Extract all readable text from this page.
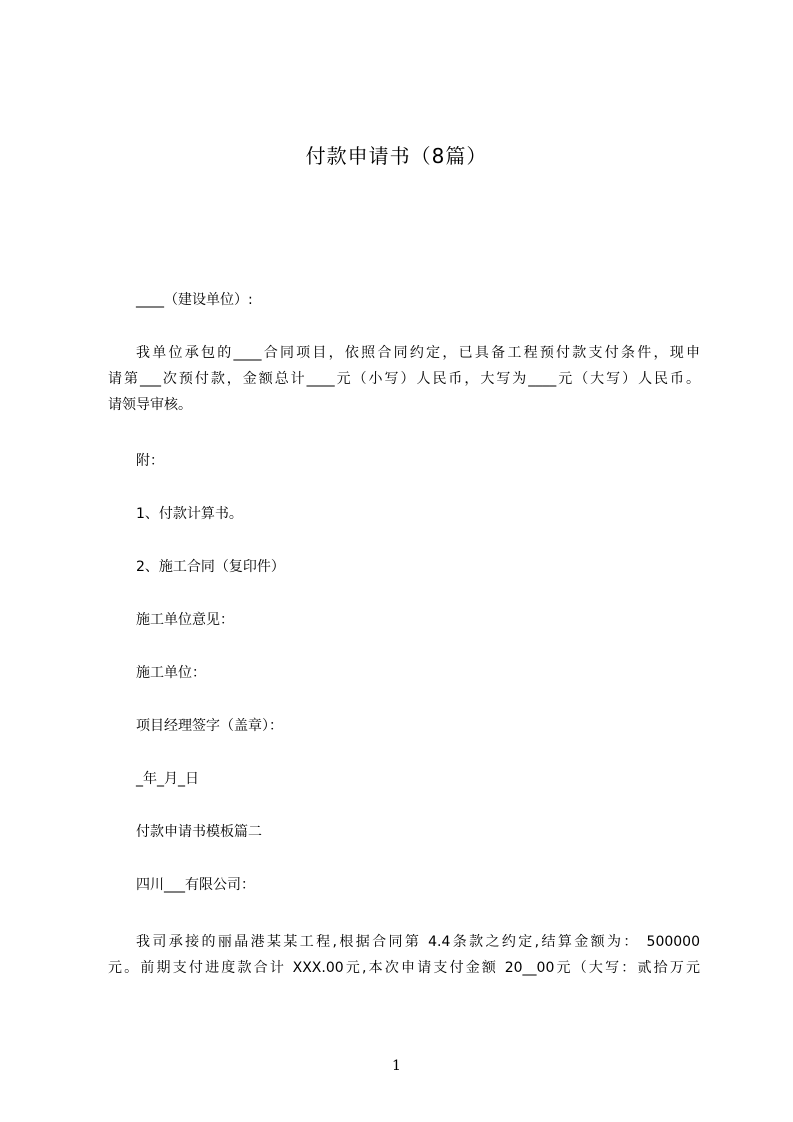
付款申请书（8篇）
____（建设单位）:
我单位承包的____合同项目，依照合同约定，已具备工程预付款支付条件，现申
请第___次预付款，金额总计____元（小写）人民币，大写为____元（大写）人民币。
请领导审核。
附：
1、付款计算书。
2、施工合同（复印件）
施工单位意见：
施工单位：
项目经理签字（盖章）：
_年_月_日
付款申请书模板篇二
四川___有限公司：
我司承接的丽晶港某某工程,根据合同第 4.4条款之约定,结算金额为： 500000
元。前期支付进度款合计 XXX.00元,本次申请支付金额 20__00元（大写：贰拾万元
1
